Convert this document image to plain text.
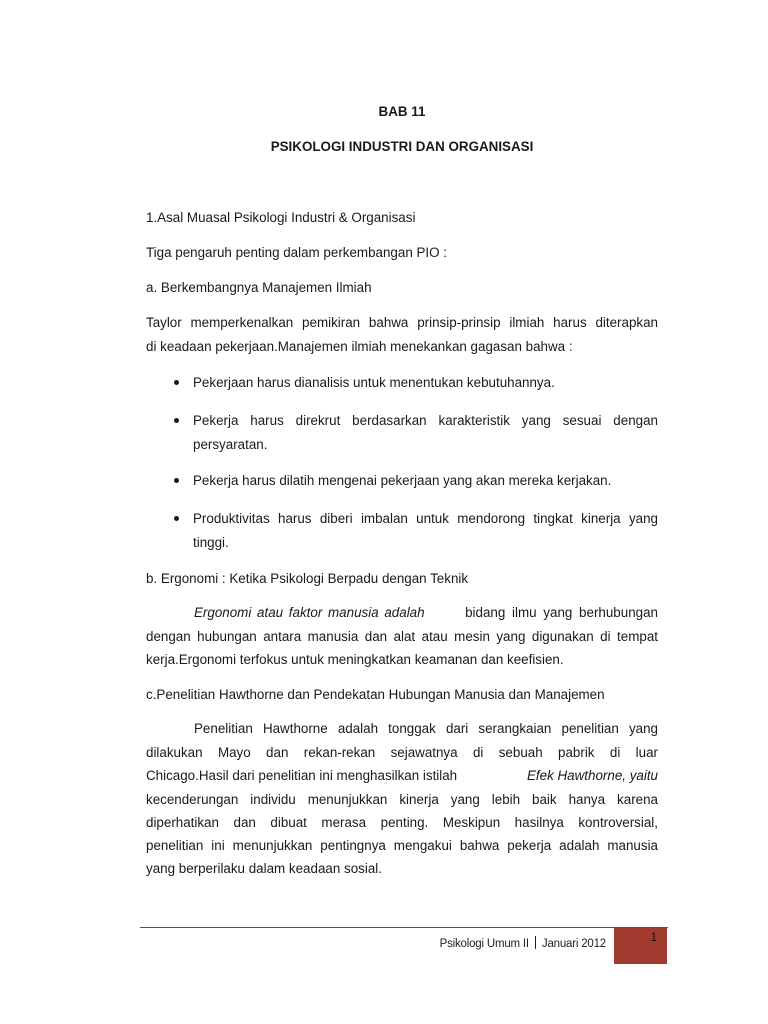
BAB 11
PSIKOLOGI INDUSTRI DAN ORGANISASI
1.Asal Muasal Psikologi Industri & Organisasi
Tiga pengaruh penting dalam perkembangan PIO :
a. Berkembangnya Manajemen Ilmiah
Taylor memperkenalkan pemikiran bahwa prinsip-prinsip ilmiah harus diterapkan
di keadaan pekerjaan.Manajemen ilmiah menekankan gagasan bahwa :
Pekerjaan harus dianalisis untuk menentukan kebutuhannya.
Pekerja harus direkrut berdasarkan karakteristik yang sesuai dengan
persyaratan.
Pekerja harus dilatih mengenai pekerjaan yang akan mereka kerjakan.
Produktivitas harus diberi imbalan untuk mendorong tingkat kinerja yang
tinggi.
b. Ergonomi : Ketika Psikologi Berpadu dengan Teknik
Ergonomi atau faktor manusia adalah	bidang ilmu yang berhubungan
dengan hubungan antara manusia dan alat atau mesin yang digunakan di tempat
kerja.Ergonomi terfokus untuk meningkatkan keamanan dan keefisien.
c.Penelitian Hawthorne dan Pendekatan Hubungan Manusia dan Manajemen
Penelitian Hawthorne adalah tonggak dari serangkaian penelitian yang
dilakukan Mayo dan rekan-rekan sejawatnya di sebuah pabrik di luar
Chicago.Hasil dari penelitian ini menghasilkan istilah	Efek Hawthorne, yaitu
kecenderungan individu menunjukkan kinerja yang lebih baik hanya karena
diperhatikan dan dibuat merasa penting. Meskipun hasilnya kontroversial,
penelitian ini menunjukkan pentingnya mengakui bahwa pekerja adalah manusia
yang berperilaku dalam keadaan sosial.
Psikologi Umum II Januari 2012	1
